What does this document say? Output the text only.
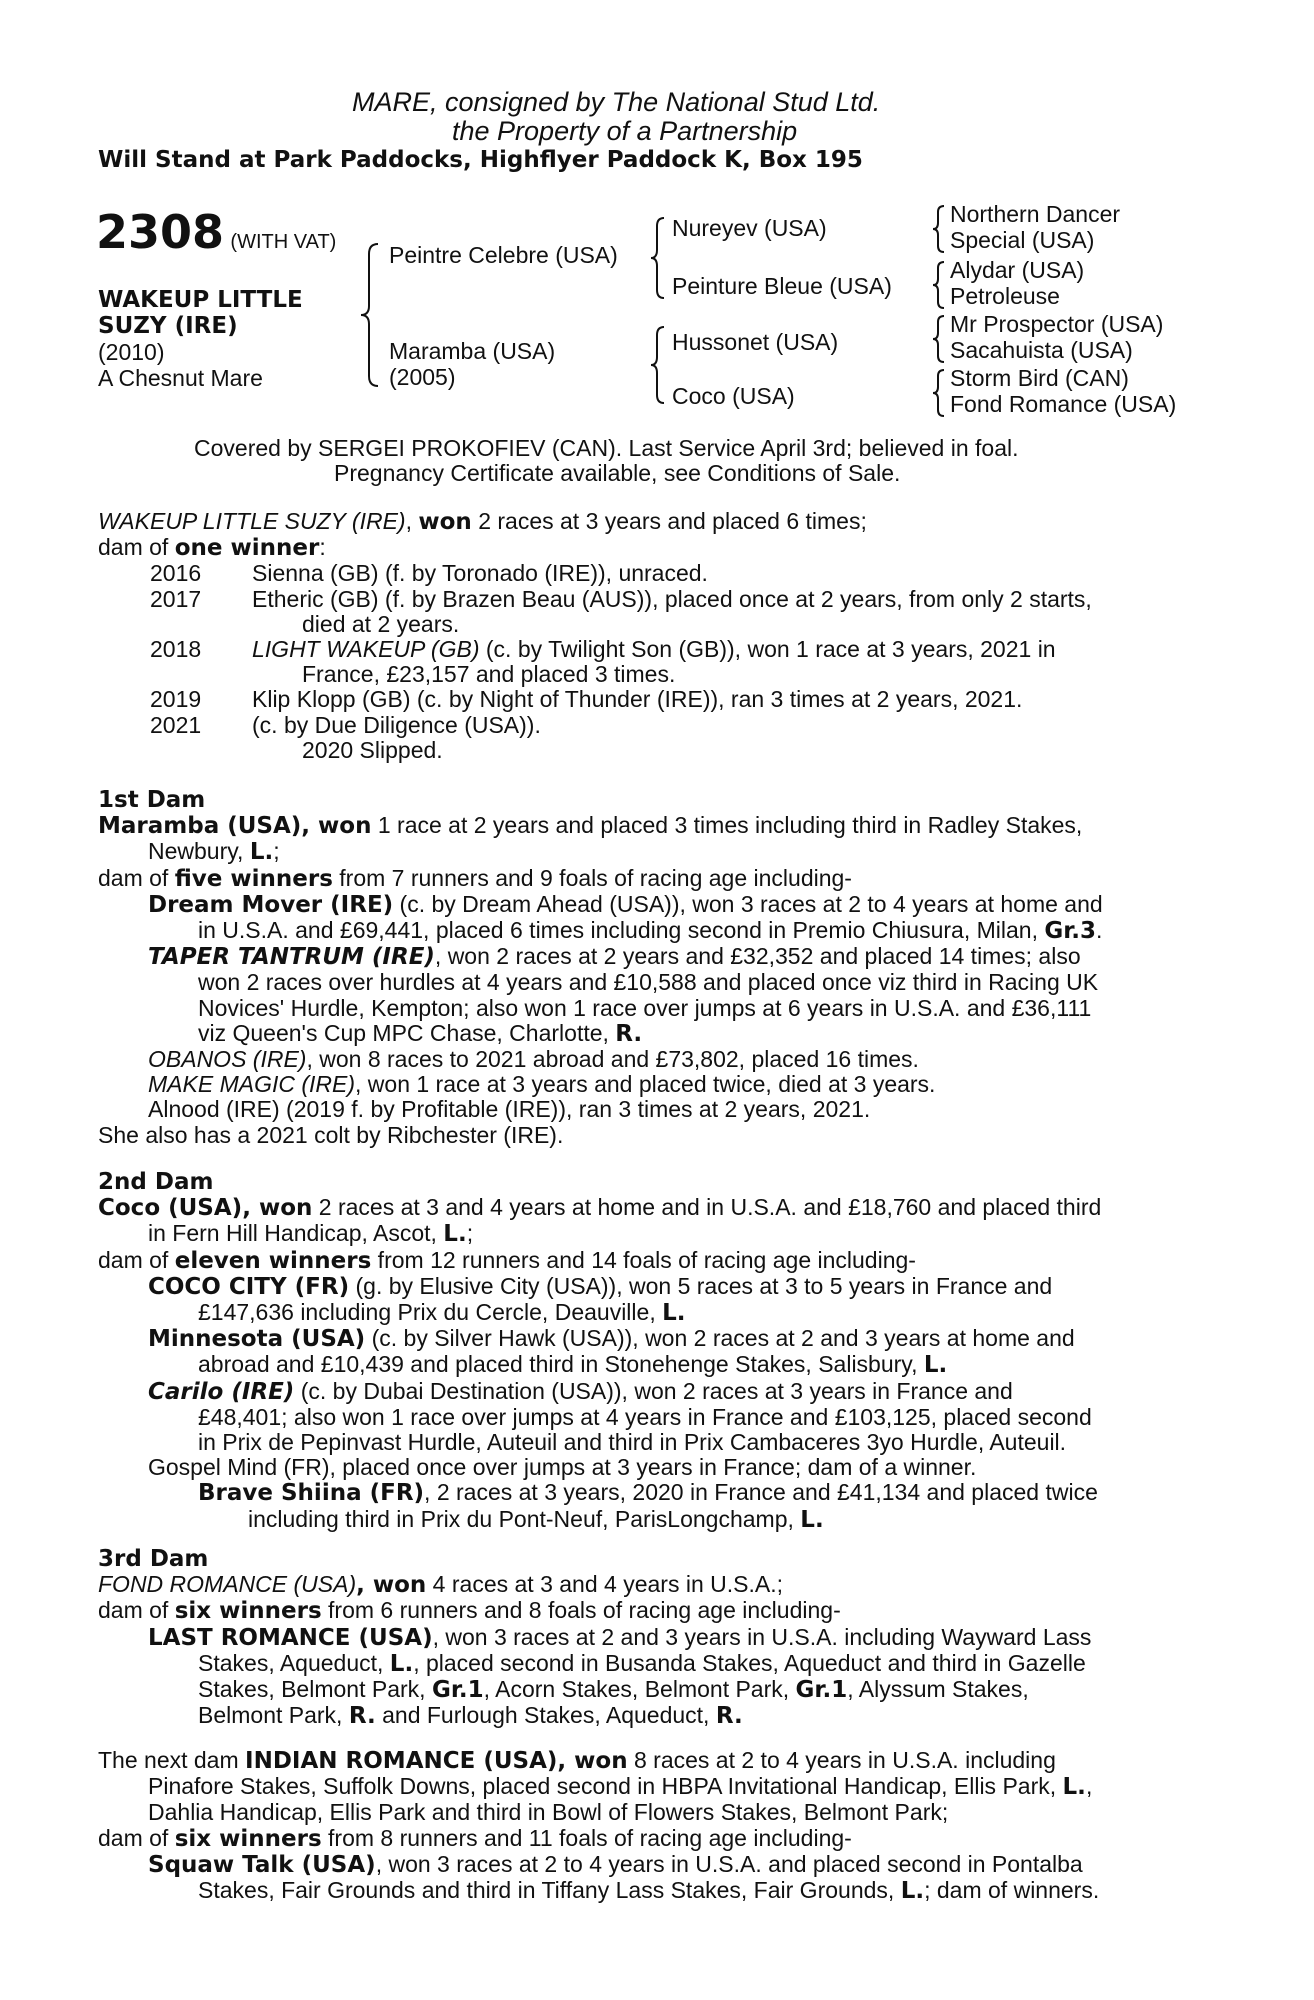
MARE, consigned by The National Stud Ltd.
the Property of a Partnership
Will Stand at Park Paddocks, Highflyer Paddock K, Box 195
2308 (WITH VAT)
WAKEUP LITTLE
SUZY (IRE)
(2010)
A Chesnut Mare
Peintre Celebre (USA)
Maramba (USA)
(2005)
Nureyev (USA)
Peinture Bleue (USA)
Hussonet (USA)
Coco (USA)
Northern Dancer
Special (USA)
Alydar (USA)
Petroleuse
Mr Prospector (USA)
Sacahuista (USA)
Storm Bird (CAN)
Fond Romance (USA)
Covered by SERGEI PROKOFIEV (CAN). Last Service April 3rd; believed in foal.
Pregnancy Certificate available, see Conditions of Sale.

WAKEUP LITTLE SUZY (IRE), won 2 races at 3 years and placed 6 times;

dam of one winner:

2016	Sienna (GB) (f. by Toronado (IRE)), unraced.
2017	Etheric (GB) (f. by Brazen Beau (AUS)), placed once at 2 years, from only 2 starts,
died at 2 years.
2018	LIGHT WAKEUP (GB) (c. by Twilight Son (GB)), won 1 race at 3 years, 2021 in
France, £23,157 and placed 3 times.
2019	Klip Klopp (GB) (c. by Night of Thunder (IRE)), ran 3 times at 2 years, 2021.
2021	(c. by Due Diligence (USA)).
2020 Slipped.

1st Dam

Maramba (USA), won 1 race at 2 years and placed 3 times including third in Radley Stakes,

Newbury, L.;

dam of five winners from 7 runners and 9 foals of racing age including-

Dream Mover (IRE) (c. by Dream Ahead (USA)), won 3 races at 2 to 4 years at home and

in U.S.A. and £69,441, placed 6 times including second in Premio Chiusura, Milan, Gr.3.

TAPER TANTRUM (IRE), won 2 races at 2 years and £32,352 and placed 14 times; also

won 2 races over hurdles at 4 years and £10,588 and placed once viz third in Racing UK

Novices' Hurdle, Kempton; also won 1 race over jumps at 6 years in U.S.A. and £36,111

viz Queen's Cup MPC Chase, Charlotte, R.

OBANOS (IRE), won 8 races to 2021 abroad and £73,802, placed 16 times.

MAKE MAGIC (IRE), won 1 race at 3 years and placed twice, died at 3 years.

Alnood (IRE) (2019 f. by Profitable (IRE)), ran 3 times at 2 years, 2021.

She also has a 2021 colt by Ribchester (IRE).

2nd Dam

Coco (USA), won 2 races at 3 and 4 years at home and in U.S.A. and £18,760 and placed third

in Fern Hill Handicap, Ascot, L.;

dam of eleven winners from 12 runners and 14 foals of racing age including-

COCO CITY (FR) (g. by Elusive City (USA)), won 5 races at 3 to 5 years in France and

£147,636 including Prix du Cercle, Deauville, L.

Minnesota (USA) (c. by Silver Hawk (USA)), won 2 races at 2 and 3 years at home and

abroad and £10,439 and placed third in Stonehenge Stakes, Salisbury, L.

Carilo (IRE) (c. by Dubai Destination (USA)), won 2 races at 3 years in France and

£48,401; also won 1 race over jumps at 4 years in France and £103,125, placed second

in Prix de Pepinvast Hurdle, Auteuil and third in Prix Cambaceres 3yo Hurdle, Auteuil.

Gospel Mind (FR), placed once over jumps at 3 years in France; dam of a winner.

Brave Shiina (FR), 2 races at 3 years, 2020 in France and £41,134 and placed twice

including third in Prix du Pont-Neuf, ParisLongchamp, L.

3rd Dam

FOND ROMANCE (USA), won 4 races at 3 and 4 years in U.S.A.;

dam of six winners from 6 runners and 8 foals of racing age including-

LAST ROMANCE (USA), won 3 races at 2 and 3 years in U.S.A. including Wayward Lass

Stakes, Aqueduct, L., placed second in Busanda Stakes, Aqueduct and third in Gazelle

Stakes, Belmont Park, Gr.1, Acorn Stakes, Belmont Park, Gr.1, Alyssum Stakes,

Belmont Park, R. and Furlough Stakes, Aqueduct, R.

The next dam INDIAN ROMANCE (USA), won 8 races at 2 to 4 years in U.S.A. including

Pinafore Stakes, Suffolk Downs, placed second in HBPA Invitational Handicap, Ellis Park, L.,

Dahlia Handicap, Ellis Park and third in Bowl of Flowers Stakes, Belmont Park;

dam of six winners from 8 runners and 11 foals of racing age including-

Squaw Talk (USA), won 3 races at 2 to 4 years in U.S.A. and placed second in Pontalba

Stakes, Fair Grounds and third in Tiffany Lass Stakes, Fair Grounds, L.; dam of winners.
